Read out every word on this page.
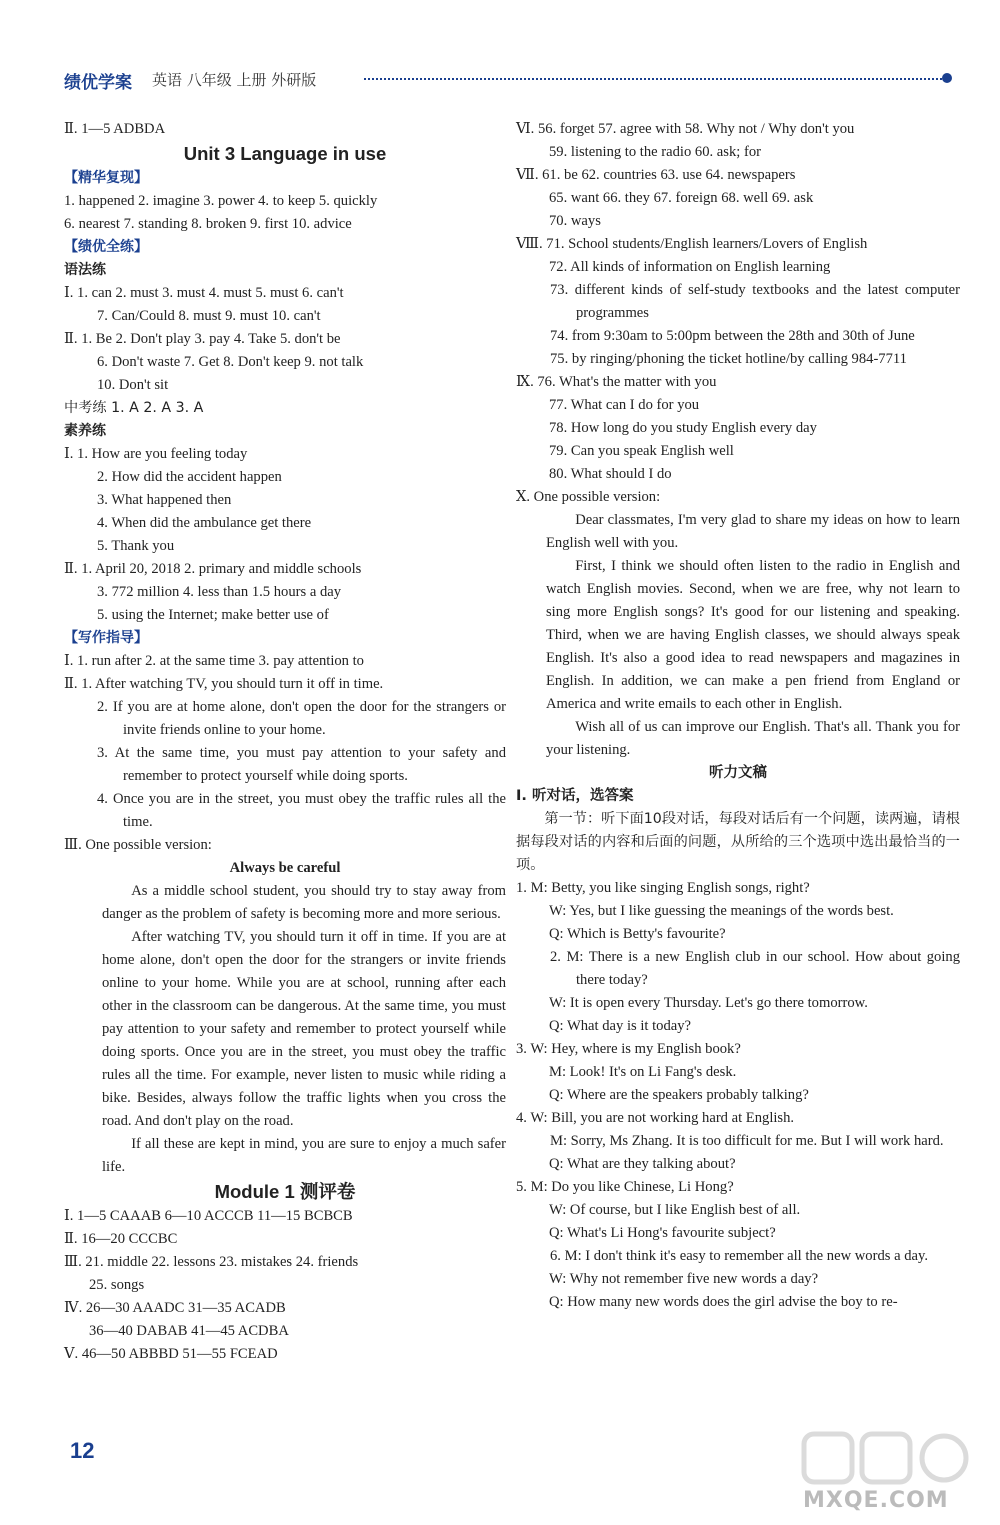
绩优学案 英语 八年级 上册 外研版
Ⅱ. 1—5 ADBDA
Unit 3 Language in use
【精华复现】
1. happened 2. imagine 3. power 4. to keep 5. quickly
6. nearest 7. standing 8. broken 9. first 10. advice
【绩优全练】
语法练
Ⅰ. 1. can 2. must 3. must 4. must 5. must 6. can't
7. Can/Could 8. must 9. must 10. can't
Ⅱ. 1. Be 2. Don't play 3. pay 4. Take 5. don't be
6. Don't waste 7. Get 8. Don't keep 9. not talk
10. Don't sit
中考练 1. A 2. A 3. A
素养练
Ⅰ. 1. How are you feeling today
2. How did the accident happen
3. What happened then
4. When did the ambulance get there
5. Thank you
Ⅱ. 1. April 20, 2018 2. primary and middle schools
3. 772 million 4. less than 1.5 hours a day
5. using the Internet; make better use of
【写作指导】
Ⅰ. 1. run after 2. at the same time 3. pay attention to
Ⅱ. 1. After watching TV, you should turn it off in time.
2. If you are at home alone, don't open the door for the strangers or invite friends online to your home.
3. At the same time, you must pay attention to your safety and remember to protect yourself while doing sports.
4. Once you are in the street, you must obey the traffic rules all the time.
Ⅲ. One possible version:
Always be careful
As a middle school student, you should try to stay away from danger as the problem of safety is becoming more and more serious.
After watching TV, you should turn it off in time. If you are at home alone, don't open the door for the strangers or invite friends online to your home. While you are at school, running after each other in the classroom can be dangerous. At the same time, you must pay attention to your safety and remember to protect yourself while doing sports. Once you are in the street, you must obey the traffic rules all the time. For example, never listen to music while riding a bike. Besides, always follow the traffic lights when you cross the road. And don't play on the road.
If all these are kept in mind, you are sure to enjoy a much safer life.
Module 1 测评卷
Ⅰ. 1—5 CAAAB 6—10 ACCCB 11—15 BCBCB
Ⅱ. 16—20 CCCBC
Ⅲ. 21. middle 22. lessons 23. mistakes 24. friends
25. songs
Ⅳ. 26—30 AAADC 31—35 ACADB
36—40 DABAB 41—45 ACDBA
Ⅴ. 46—50 ABBBD 51—55 FCEAD
Ⅵ. 56. forget 57. agree with 58. Why not / Why don't you
59. listening to the radio 60. ask; for
Ⅶ. 61. be 62. countries 63. use 64. newspapers
65. want 66. they 67. foreign 68. well 69. ask
70. ways
Ⅷ. 71. School students/English learners/Lovers of English
72. All kinds of information on English learning
73. different kinds of self-study textbooks and the latest computer programmes
74. from 9:30am to 5:00pm between the 28th and 30th of June
75. by ringing/phoning the ticket hotline/by calling 984-7711
Ⅸ. 76. What's the matter with you
77. What can I do for you
78. How long do you study English every day
79. Can you speak English well
80. What should I do
Ⅹ. One possible version:
Dear classmates, I'm very glad to share my ideas on how to learn English well with you.
First, I think we should often listen to the radio in English and watch English movies. Second, when we are free, why not learn to sing more English songs? It's good for our listening and speaking. Third, when we are having English classes, we should always speak English. It's also a good idea to read newspapers and magazines in English. In addition, we can make a pen friend from England or America and write emails to each other in English.
Wish all of us can improve our English. That's all. Thank you for your listening.
听力文稿
Ⅰ. 听对话，选答案
第一节：听下面10段对话，每段对话后有一个问题，读两遍，请根据每段对话的内容和后面的问题，从所给的三个选项中选出最恰当的一项。
1. M: Betty, you like singing English songs, right?
W: Yes, but I like guessing the meanings of the words best.
Q: Which is Betty's favourite?
2. M: There is a new English club in our school. How about going there today?
W: It is open every Thursday. Let's go there tomorrow.
Q: What day is it today?
3. W: Hey, where is my English book?
M: Look! It's on Li Fang's desk.
Q: Where are the speakers probably talking?
4. W: Bill, you are not working hard at English.
M: Sorry, Ms Zhang. It is too difficult for me. But I will work hard.
Q: What are they talking about?
5. M: Do you like Chinese, Li Hong?
W: Of course, but I like English best of all.
Q: What's Li Hong's favourite subject?
6. M: I don't think it's easy to remember all the new words a day.
W: Why not remember five new words a day?
Q: How many new words does the girl advise the boy to re-
12
MXQE.COM
